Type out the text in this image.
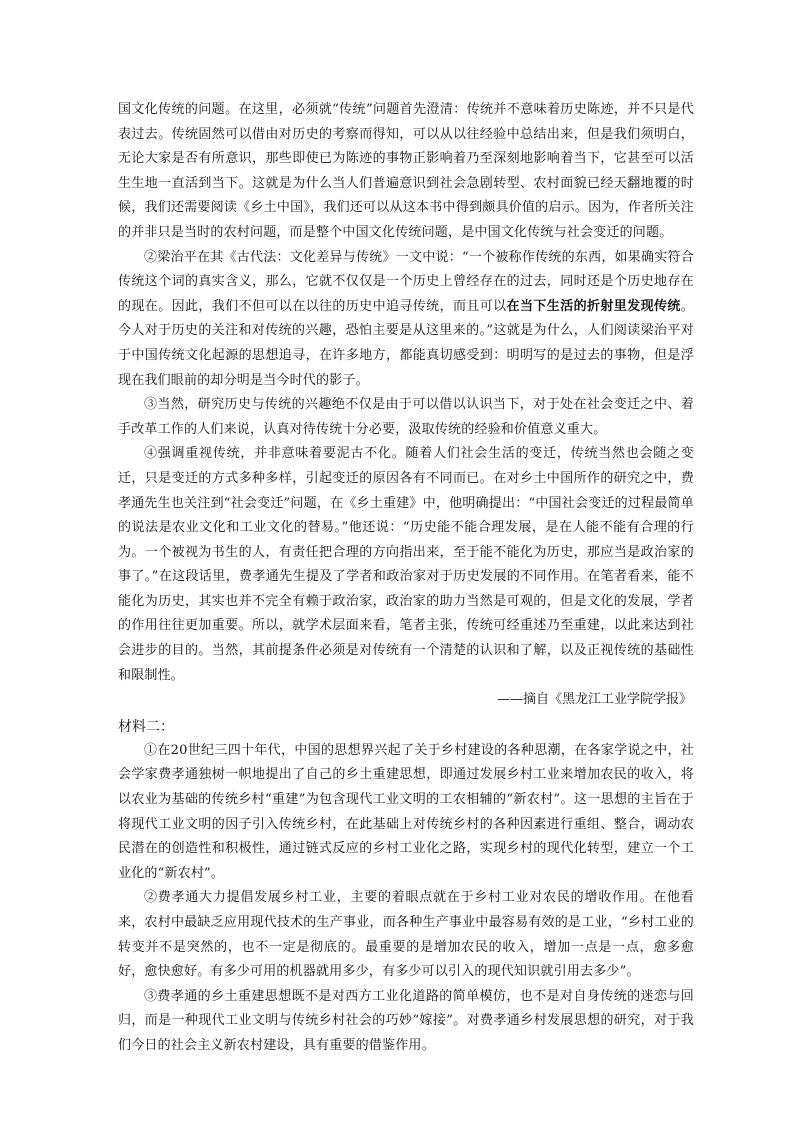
国文化传统的问题。在这里，必须就“传统”问题首先澄清：传统并不意味着历史陈迹，并不只是代表过去。传统固然可以借由对历史的考察而得知，可以从以往经验中总结出来，但是我们须明白，无论大家是否有所意识，那些即使已为陈迹的事物正影响着乃至深刻地影响着当下，它甚至可以活生生地一直活到当下。这就是为什么当人们普遍意识到社会急剧转型、农村面貌已经天翻地覆的时候，我们还需要阅读《乡土中国》，我们还可以从这本书中得到颇具价值的启示。因为，作者所关注的并非只是当时的农村问题，而是整个中国文化传统问题，是中国文化传统与社会变迁的问题。

②梁治平在其《古代法：文化差异与传统》一文中说：“一个被称作传统的东西，如果确实符合传统这个词的真实含义，那么，它就不仅仅是一个历史上曾经存在的过去，同时还是个历史地存在的现在。因此，我们不但可以在以往的历史中追寻传统，而且可以在当下生活的折射里发现传统。今人对于历史的关注和对传统的兴趣，恐怕主要是从这里来的。”这就是为什么，人们阅读梁治平对于中国传统文化起源的思想追寻，在许多地方，都能真切感受到：明明写的是过去的事物，但是浮现在我们眼前的却分明是当今时代的影子。

③当然，研究历史与传统的兴趣绝不仅是由于可以借以认识当下，对于处在社会变迁之中、着手改革工作的人们来说，认真对待传统十分必要，汲取传统的经验和价值意义重大。

④强调重视传统，并非意味着要泥古不化。随着人们社会生活的变迁，传统当然也会随之变迁，只是变迁的方式多种多样，引起变迁的原因各有不同而已。在对乡土中国所作的研究之中，费孝通先生也关注到“社会变迁”问题，在《乡土重建》中，他明确提出：“中国社会变迁的过程最简单的说法是农业文化和工业文化的替易。”他还说：“历史能不能合理发展，是在人能不能有合理的行为。一个被视为书生的人，有责任把合理的方向指出来，至于能不能化为历史，那应当是政治家的事了。”在这段话里，费孝通先生提及了学者和政治家对于历史发展的不同作用。在笔者看来，能不能化为历史，其实也并不完全有赖于政治家，政治家的助力当然是可观的，但是文化的发展，学者的作用往往更加重要。所以，就学术层面来看，笔者主张，传统可经重述乃至重建，以此来达到社会进步的目的。当然，其前提条件必须是对传统有一个清楚的认识和了解，以及正视传统的基础性和限制性。

——摘自《黑龙江工业学院学报》

材料二：

①在20世纪三四十年代，中国的思想界兴起了关于乡村建设的各种思潮，在各家学说之中，社会学家费孝通独树一帜地提出了自己的乡土重建思想，即通过发展乡村工业来增加农民的收入，将以农业为基础的传统乡村“重建”为包含现代工业文明的工农相辅的“新农村”。这一思想的主旨在于将现代工业文明的因子引入传统乡村，在此基础上对传统乡村的各种因素进行重组、整合，调动农民潜在的创造性和积极性，通过链式反应的乡村工业化之路，实现乡村的现代化转型，建立一个工业化的“新农村”。

②费孝通大力提倡发展乡村工业，主要的着眼点就在于乡村工业对农民的增收作用。在他看来，农村中最缺乏应用现代技术的生产事业，而各种生产事业中最容易有效的是工业，“乡村工业的转变并不是突然的，也不一定是彻底的。最重要的是增加农民的收入，增加一点是一点，愈多愈好，愈快愈好。有多少可用的机器就用多少，有多少可以引入的现代知识就引用去多少”。

③费孝通的乡土重建思想既不是对西方工业化道路的简单模仿，也不是对自身传统的迷恋与回归，而是一种现代工业文明与传统乡村社会的巧妙“嫁接”。对费孝通乡村发展思想的研究，对于我们今日的社会主义新农村建设，具有重要的借鉴作用。
